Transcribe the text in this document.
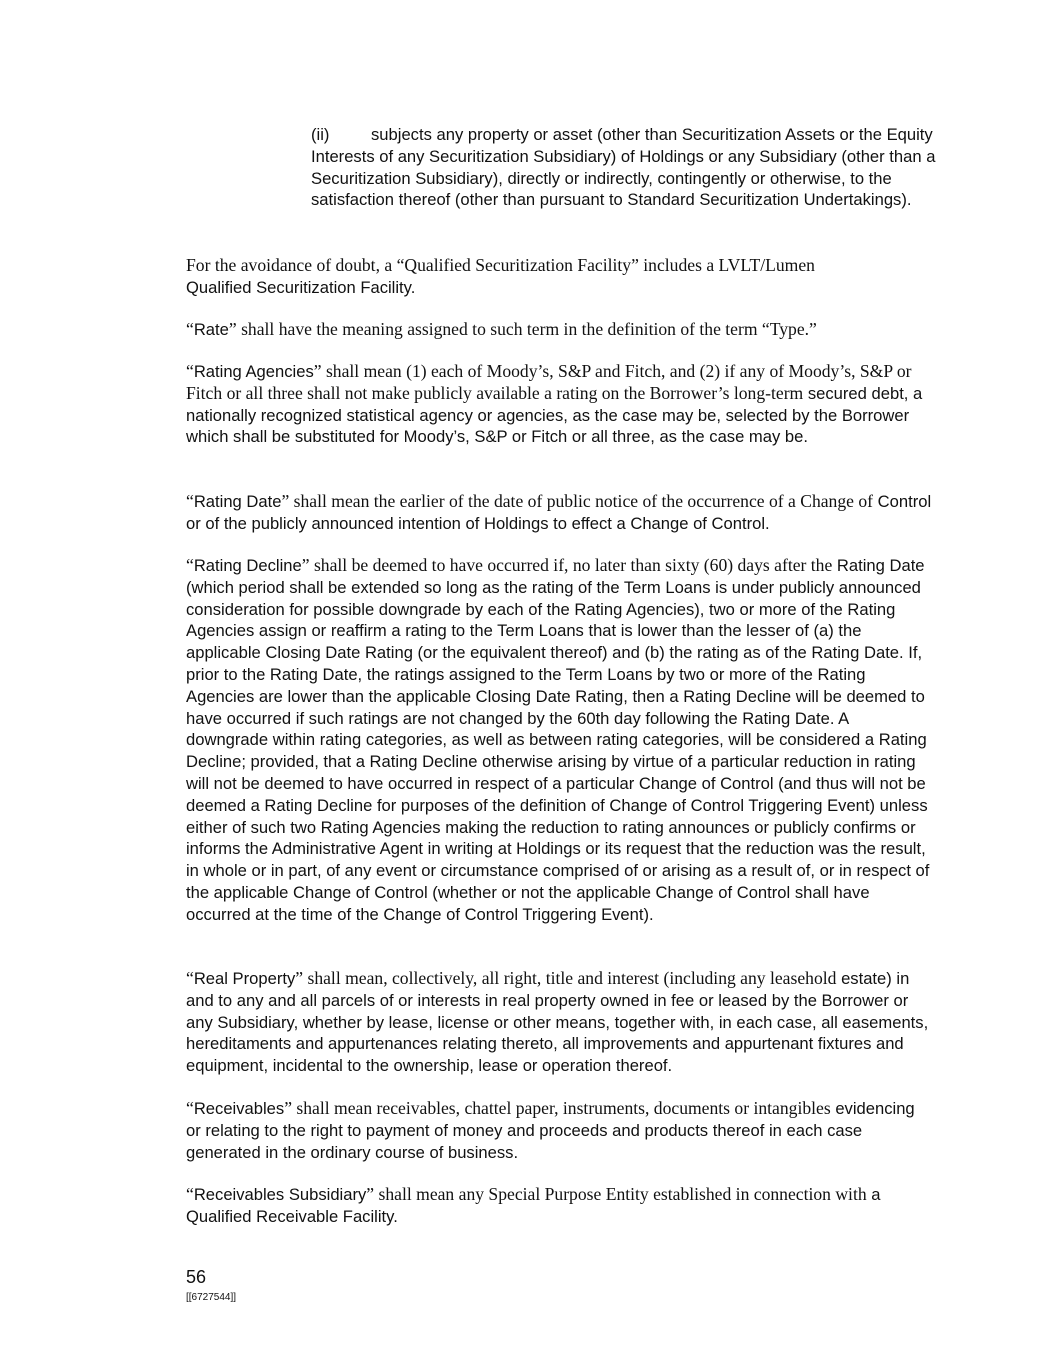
(ii)	subjects any property or asset (other than Securitization Assets or the Equity Interests of any Securitization Subsidiary) of Holdings or any Subsidiary (other than a Securitization Subsidiary), directly or indirectly, contingently or otherwise, to the satisfaction thereof (other than pursuant to Standard Securitization Undertakings).

For the avoidance of doubt, a “Qualified Securitization Facility” includes a LVLT/Lumen

Qualified Securitization Facility.

“Rate” shall have the meaning assigned to such term in the definition of the term “Type.”

“Rating Agencies” shall mean (1) each of Moody’s, S&P and Fitch, and (2) if any of Moody’s, S&P or Fitch or all three shall not make publicly available a rating on the Borrower’s long-term secured debt, a nationally recognized statistical agency or agencies, as the case may be, selected by the Borrower which shall be substituted for Moody’s, S&P or Fitch or all three, as the case may be.

“Rating Date” shall mean the earlier of the date of public notice of the occurrence of a Change of Control or of the publicly announced intention of Holdings to effect a Change of Control.

“Rating Decline” shall be deemed to have occurred if, no later than sixty (60) days after the Rating Date (which period shall be extended so long as the rating of the Term Loans is under publicly announced consideration for possible downgrade by each of the Rating Agencies), two or more of the Rating Agencies assign or reaffirm a rating to the Term Loans that is lower than the lesser of (a) the applicable Closing Date Rating (or the equivalent thereof) and (b) the rating as of the Rating Date. If, prior to the Rating Date, the ratings assigned to the Term Loans by two or more of the Rating Agencies are lower than the applicable Closing Date Rating, then a Rating Decline will be deemed to have occurred if such ratings are not changed by the 60th day following the Rating Date. A downgrade within rating categories, as well as between rating categories, will be considered a Rating Decline; provided, that a Rating Decline otherwise arising by virtue of a particular reduction in rating will not be deemed to have occurred in respect of a particular Change of Control (and thus will not be deemed a Rating Decline for purposes of the definition of Change of Control Triggering Event) unless either of such two Rating Agencies making the reduction to rating announces or publicly confirms or informs the Administrative Agent in writing at Holdings or its request that the reduction was the result, in whole or in part, of any event or circumstance comprised of or arising as a result of, or in respect of the applicable Change of Control (whether or not the applicable Change of Control shall have occurred at the time of the Change of Control Triggering Event).

“Real Property” shall mean, collectively, all right, title and interest (including any leasehold estate) in and to any and all parcels of or interests in real property owned in fee or leased by the Borrower or any Subsidiary, whether by lease, license or other means, together with, in each case, all easements, hereditaments and appurtenances relating thereto, all improvements and appurtenant fixtures and equipment, incidental to the ownership, lease or operation thereof.

“Receivables” shall mean receivables, chattel paper, instruments, documents or intangibles evidencing or relating to the right to payment of money and proceeds and products thereof in each case generated in the ordinary course of business.

“Receivables Subsidiary” shall mean any Special Purpose Entity established in connection with a Qualified Receivable Facility.

56
[[6727544]]
